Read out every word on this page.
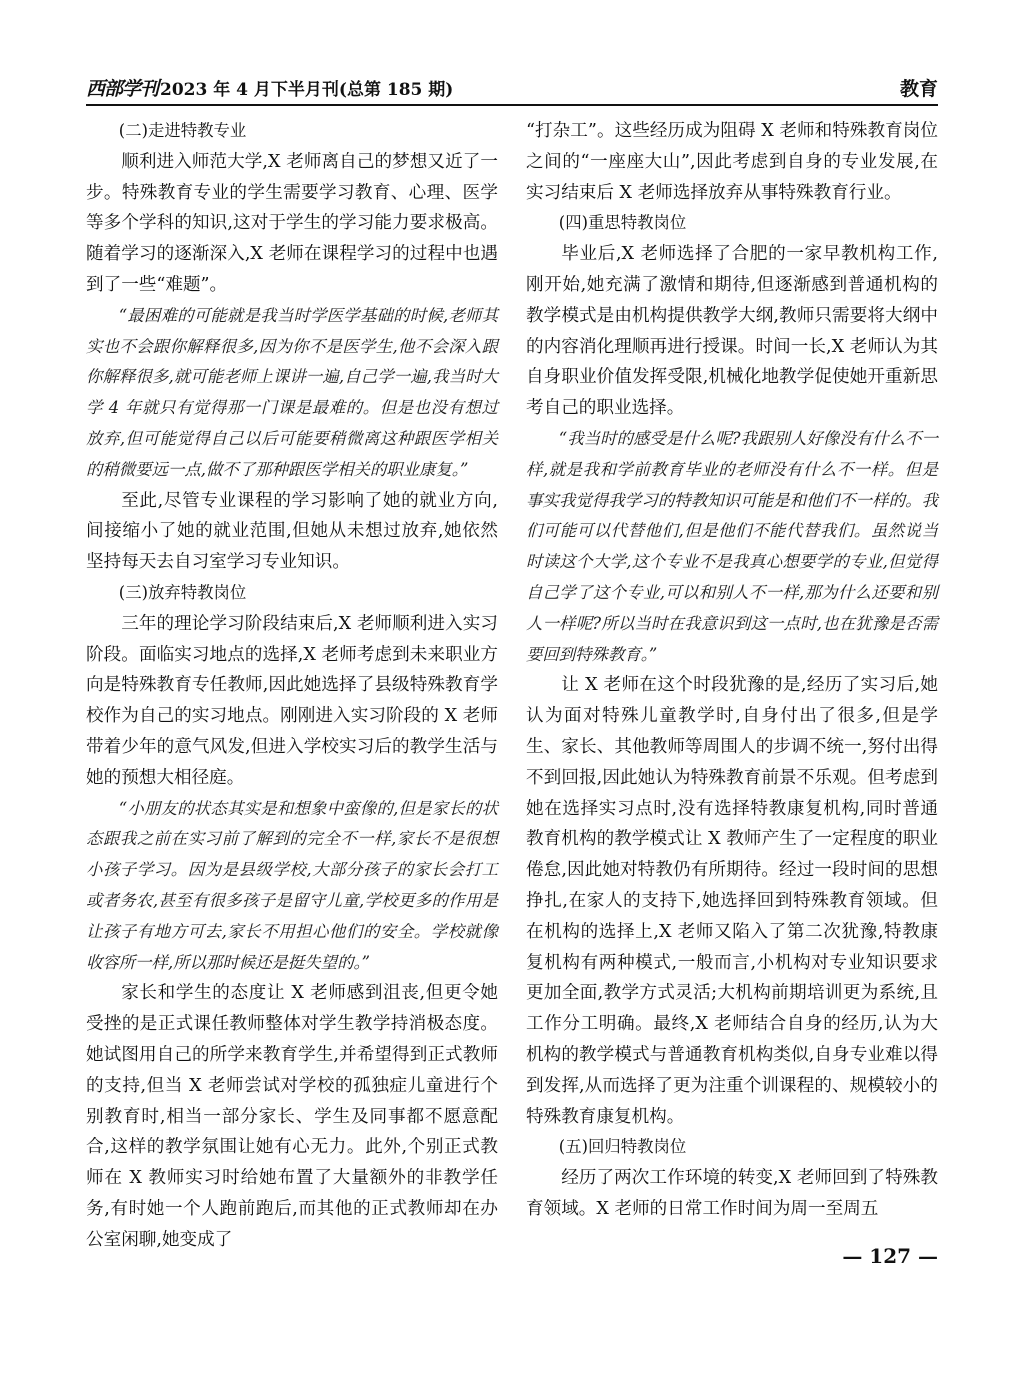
西部学刊 2023 年 4 月下半月刊(总第 185 期)	教育

(二)走进特教专业

顺利进入师范大学,X 老师离自己的梦想又近了一步。特殊教育专业的学生需要学习教育、心理、医学等多个学科的知识,这对于学生的学习能力要求极高。随着学习的逐渐深入,X 老师在课程学习的过程中也遇到了一些“难题”。

“最困难的可能就是我当时学医学基础的时候,老师其实也不会跟你解释很多,因为你不是医学生,他不会深入跟你解释很多,就可能老师上课讲一遍,自己学一遍,我当时大学 4 年就只有觉得那一门课是最难的。但是也没有想过放弃,但可能觉得自己以后可能要稍微离这种跟医学相关的稍微要远一点,做不了那种跟医学相关的职业康复。”

至此,尽管专业课程的学习影响了她的就业方向,间接缩小了她的就业范围,但她从未想过放弃,她依然坚持每天去自习室学习专业知识。

(三)放弃特教岗位

三年的理论学习阶段结束后,X 老师顺利进入实习阶段。面临实习地点的选择,X 老师考虑到未来职业方向是特殊教育专任教师,因此她选择了县级特殊教育学校作为自己的实习地点。刚刚进入实习阶段的 X 老师带着少年的意气风发,但进入学校实习后的教学生活与她的预想大相径庭。

“小朋友的状态其实是和想象中蛮像的,但是家长的状态跟我之前在实习前了解到的完全不一样,家长不是很想小孩子学习。因为是县级学校,大部分孩子的家长会打工或者务农,甚至有很多孩子是留守儿童,学校更多的作用是让孩子有地方可去,家长不用担心他们的安全。学校就像收容所一样,所以那时候还是挺失望的。”

家长和学生的态度让 X 老师感到沮丧,但更令她受挫的是正式课任教师整体对学生教学持消极态度。她试图用自己的所学来教育学生,并希望得到正式教师的支持,但当 X 老师尝试对学校的孤独症儿童进行个别教育时,相当一部分家长、学生及同事都不愿意配合,这样的教学氛围让她有心无力。此外,个别正式教师在 X 教师实习时给她布置了大量额外的非教学任务,有时她一个人跑前跑后,而其他的正式教师却在办公室闲聊,她变成了

“打杂工”。这些经历成为阻碍 X 老师和特殊教育岗位之间的“一座座大山”,因此考虑到自身的专业发展,在实习结束后 X 老师选择放弃从事特殊教育行业。

(四)重思特教岗位

毕业后,X 老师选择了合肥的一家早教机构工作,刚开始,她充满了激情和期待,但逐渐感到普通机构的教学模式是由机构提供教学大纲,教师只需要将大纲中的内容消化理顺再进行授课。时间一长,X 老师认为其自身职业价值发挥受限,机械化地教学促使她开重新思考自己的职业选择。

“我当时的感受是什么呢?我跟别人好像没有什么不一样,就是我和学前教育毕业的老师没有什么不一样。但是事实我觉得我学习的特教知识可能是和他们不一样的。我们可能可以代替他们,但是他们不能代替我们。虽然说当时读这个大学,这个专业不是我真心想要学的专业,但觉得自己学了这个专业,可以和别人不一样,那为什么还要和别人一样呢?所以当时在我意识到这一点时,也在犹豫是否需要回到特殊教育。”

让 X 老师在这个时段犹豫的是,经历了实习后,她认为面对特殊儿童教学时,自身付出了很多,但是学生、家长、其他教师等周围人的步调不统一,努付出得不到回报,因此她认为特殊教育前景不乐观。但考虑到她在选择实习点时,没有选择特教康复机构,同时普通教育机构的教学模式让 X 教师产生了一定程度的职业倦怠,因此她对特教仍有所期待。经过一段时间的思想挣扎,在家人的支持下,她选择回到特殊教育领域。但在机构的选择上,X 老师又陷入了第二次犹豫,特教康复机构有两种模式,一般而言,小机构对专业知识要求更加全面,教学方式灵活;大机构前期培训更为系统,且工作分工明确。最终,X 老师结合自身的经历,认为大机构的教学模式与普通教育机构类似,自身专业难以得到发挥,从而选择了更为注重个训课程的、规模较小的特殊教育康复机构。

(五)回归特教岗位

经历了两次工作环境的转变,X 老师回到了特殊教育领域。X 老师的日常工作时间为周一至周五

— 127 —
